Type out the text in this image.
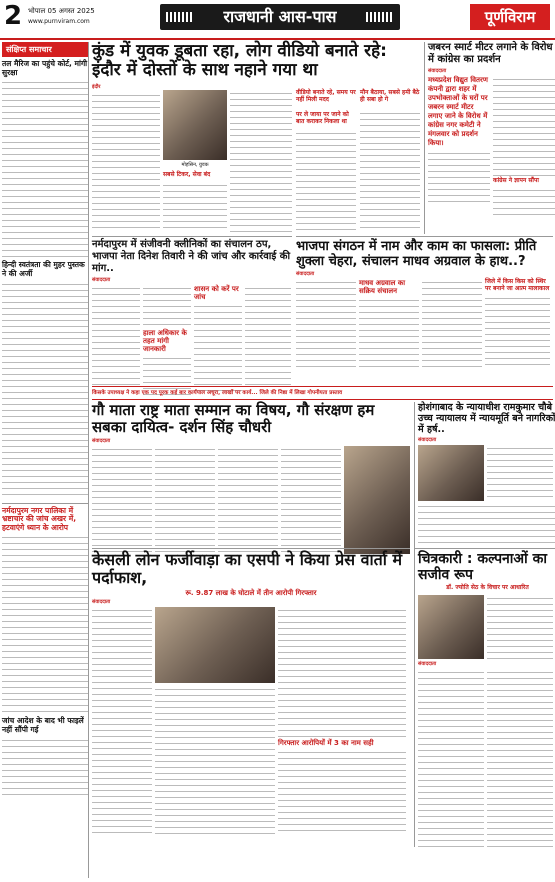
2 भोपाल 05 अगस्त 2025
www.purnviram.com	राजधानी आस-पास	पूर्णविराम
संक्षिप्त समाचार
तल मैरिज का पहुंचे कोर्ट, मांगी सुरक्षा
हिन्दी स्वतंत्रता की मुहर पुस्तक ने की अर्जी
नर्मदापुरम नगर पालिका में भ्रष्टाचार की जांच अखर में, हटवाएंगे ध्यान के आरोप
जांच आदेश के बाद भी फाइलें नहीं सौंपी गई
कुंड में युवक डूबता रहा, लोग वीडियो बनाते रहे: इंदौर में दोस्तों के साथ नहाने गया था
इंदौर
मोहसिन, युवक
सबसे टिकर, सेवा बंद
वीडियो बनाते रहे, समय पर नहीं मिली मदद
पर ले जाया पर जाने को बात कराकर निकला था
मौन बैठाया, सबसे हमी बैठे ही सबा हो गे
जबरन स्मार्ट मीटर लगाने के विरोध में कांग्रेस का प्रदर्शन
संवाददाता
मध्यप्रदेश विद्युत वितरण कंपनी द्वारा शहर में उपभोक्ताओं के घरों पर जबरन स्मार्ट मीटर लगाए जाने के विरोध में कांग्रेस नगर कमेटी ने मंगलवार को प्रदर्शन किया।
कांग्रेस ने ज्ञापन सौंपा
नर्मदापुरम में संजीवनी क्लीनिकों का संचालन ठप, भाजपा नेता दिनेश तिवारी ने की जांच और कार्रवाई की मांग..
संवाददाता
हाला अधिकार के तहत मांगी जानकारी
शासन को करें पर जांच
भाजपा संगठन में नाम और काम का फासला: प्रीति शुक्ला चेहरा, संचालन माधव अग्रवाल के हाथ..?
संवाददाता
माधव अग्रवाल का सक्रिय संचालन
जिले में किस किस को स्थिर पर बनाने जा आत्म मालाकाल
किसके उपाध्यक्ष ने कहा एक पद पूरक कई बार कार्यपाल अधूरा, लाखों पर कार्य... जिले की निष्ठा में लिखा गोपनीयता प्रस्ताव
गौ माता राष्ट्र माता सम्मान का विषय, गौ संरक्षण हम सबका दायित्व- दर्शन सिंह चौधरी
संवाददाता
होशंगाबाद के न्यायाधीश रामकुमार चौबे उच्च न्यायालय में न्यायमूर्ति बने नागरिकों में हर्ष..
संवाददाता
केसली लोन फर्जीवाड़ा का एसपी ने किया प्रेस वार्ता में पर्दाफाश,
रू. 9.87 लाख के घोटाले में तीन आरोपी गिरफ्तार
संवाददाता
गिरफ्तार आरोपियों में 3 का नाम सही
चित्रकारी : कल्पनाओं का सजीव रूप
डॉ. ज्योति सेठ के विचार पर आधारित
संवाददाता
